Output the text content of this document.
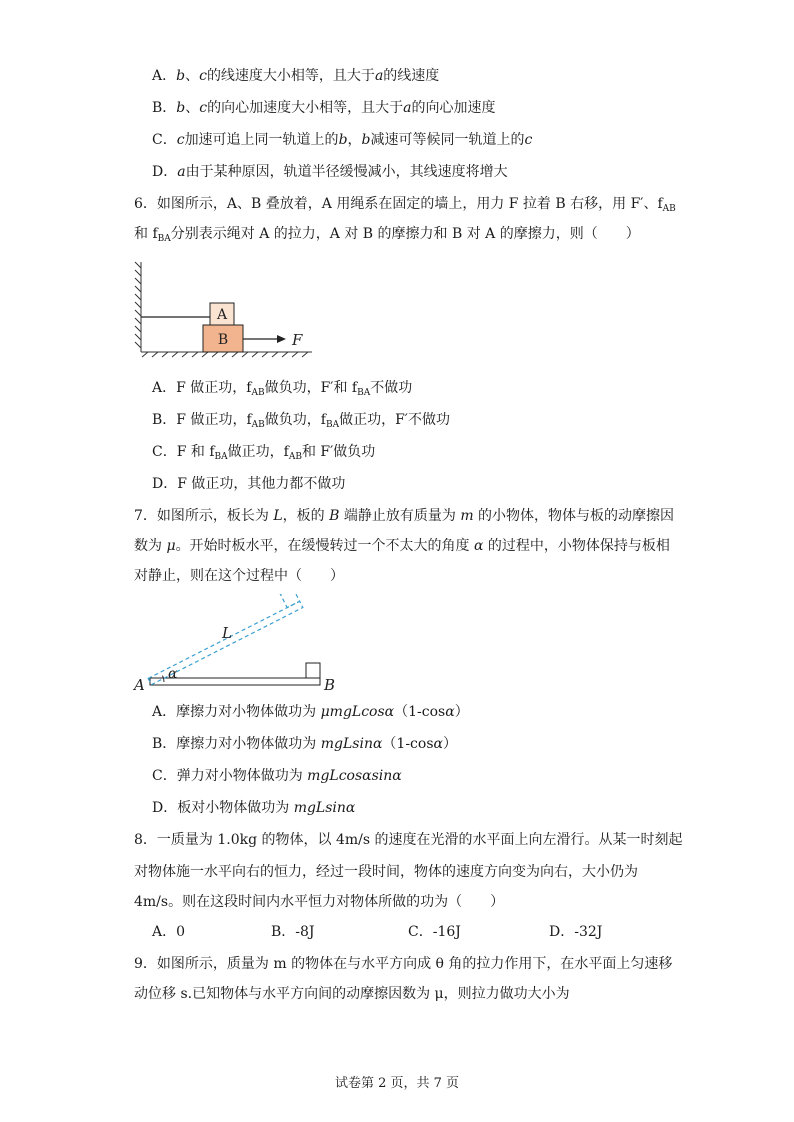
A．b、c的线速度大小相等，且大于a的线速度
B．b、c的向心加速度大小相等，且大于a的向心加速度
C．c加速可追上同一轨道上的b，b减速可等候同一轨道上的c
D．a由于某种原因，轨道半径缓慢减小，其线速度将增大
6．如图所示，A、B 叠放着，A 用绳系在固定的墙上，用力 F 拉着 B 右移，用 F′、$f_{AB}$
和 $f_{BA}$分别表示绳对 A 的拉力，A 对 B 的摩擦力和 B 对 A 的摩擦力，则（　　）
A
B	F
A．F 做正功，$f_{AB}$做负功，F′和 $f_{BA}$不做功
B．F 做正功，$f_{AB}$做负功，$f_{BA}$做正功，F′不做功
C．F 和 $f_{BA}$做正功，$f_{AB}$和 F′做负功
D．F 做正功，其他力都不做功
7．如图所示，板长为 L，板的 B 端静止放有质量为 m 的小物体，物体与板的动摩擦因
数为 μ。开始时板水平，在缓慢转过一个不太大的角度 α 的过程中，小物体保持与板相
对静止，则在这个过程中（　　）
α
A	B
L
A．摩擦力对小物体做功为 μmgLcosα（1-cosα）
B．摩擦力对小物体做功为 mgLsinα（1-cosα）
C．弹力对小物体做功为 mgLcosαsinα
D．板对小物体做功为 mgLsinα
8．一质量为 1.0kg 的物体，以 4m/s 的速度在光滑的水平面上向左滑行。从某一时刻起
对物体施一水平向右的恒力，经过一段时间，物体的速度方向变为向右，大小仍为
4m/s。则在这段时间内水平恒力对物体所做的功为（　　）
A．0	B．-8J	C．-16J	D．-32J
9．如图所示，质量为 m 的物体在与水平方向成 θ 角的拉力作用下，在水平面上匀速移
动位移 s.已知物体与水平方向间的动摩擦因数为 μ，则拉力做功大小为
试卷第 2 页，共 7 页
